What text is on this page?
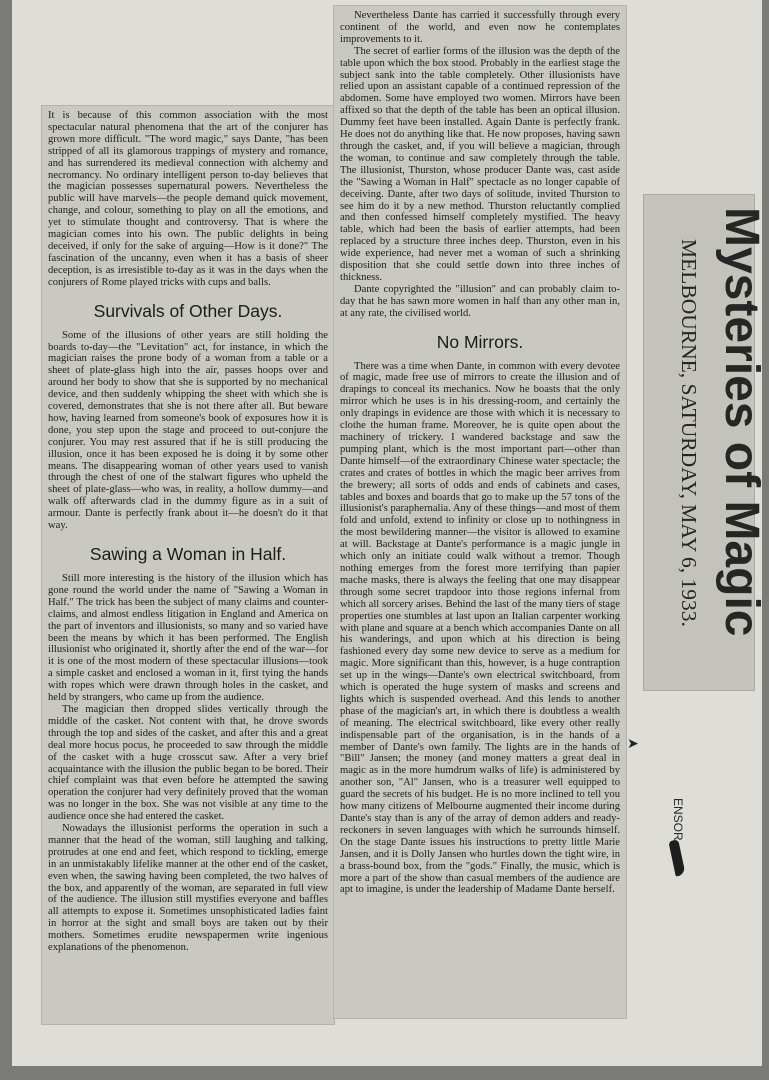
It is because of this common association with the most spectacular natural phenomena that the art of the conjurer has grown more difficult. "The word magic," says Dante, "has been stripped of all its glamorous trappings of mystery and romance, and has surrendered its medieval connection with alchemy and necromancy. No ordinary intelligent person to-day believes that the magician possesses supernatural powers. Nevertheless the public will have marvels—the people demand quick movement, change, and colour, something to play on all the emotions, and yet to stimulate thought and controversy. That is where the magician comes into his own. The public delights in being deceived, if only for the sake of arguing—How is it done?" The fascination of the uncanny, even when it has a basis of sheer deception, is as irresistible to-day as it was in the days when the conjurers of Rome played tricks with cups and balls.

Survivals of Other Days.

Some of the illusions of other years are still holding the boards to-day—the "Levitation" act, for instance, in which the magician raises the prone body of a woman from a table or a sheet of plate-glass high into the air, passes hoops over and around her body to show that she is supported by no mechanical device, and then suddenly whipping the sheet with which she is covered, demonstrates that she is not there after all. But beware how, having learned from someone's book of exposures how it is done, you step upon the stage and proceed to out-conjure the conjurer. You may rest assured that if he is still producing the illusion, once it has been exposed he is doing it by some other means. The disappearing woman of other years used to vanish through the chest of one of the stalwart figures who upheld the sheet of plate-glass—who was, in reality, a hollow dummy—and walk off afterwards clad in the dummy figure as in a suit of armour. Dante is perfectly frank about it—he doesn't do it that way.

Sawing a Woman in Half.

Still more interesting is the history of the illusion which has gone round the world under the name of "Sawing a Woman in Half." The trick has been the subject of many claims and counter-claims, and almost endless litigation in England and America on the part of inventors and illusionists, so many and so varied have been the means by which it has been performed. The English illusionist who originated it, shortly after the end of the war—for it is one of the most modern of these spectacular illusions—took a simple casket and enclosed a woman in it, first tying the hands with ropes which were drawn through holes in the casket, and held by strangers, who came up from the audience.

The magician then dropped slides vertically through the middle of the casket. Not content with that, he drove swords through the top and sides of the casket, and after this and a great deal more hocus pocus, he proceeded to saw through the middle of the casket with a huge crosscut saw. After a very brief acquaintance with the illusion the public began to be bored. Their chief complaint was that even before he attempted the sawing operation the conjurer had very definitely proved that the woman was no longer in the box. She was not visible at any time to the audience once she had entered the casket.

Nowadays the illusionist performs the operation in such a manner that the head of the woman, still laughing and talking, protrudes at one end and feet, which respond to tickling, emerge in an unmistakably lifelike manner at the other end of the casket, even when, the sawing having been completed, the two halves of the box, and apparently of the woman, are separated in full view of the audience. The illusion still mystifies everyone and baffles all attempts to expose it. Sometimes unsophisticated ladies faint in horror at the sight and small boys are taken out by their mothers. Sometimes erudite newspapermen write ingenious explanations of the phenomenon.

Nevertheless Dante has carried it successfully through every continent of the world, and even now he contemplates improvements to it.

The secret of earlier forms of the illusion was the depth of the table upon which the box stood. Probably in the earliest stage the subject sank into the table completely. Other illusionists have relied upon an assistant capable of a continued repression of the abdomen. Some have employed two women. Mirrors have been affixed so that the depth of the table has been an optical illusion. Dummy feet have been installed. Again Dante is perfectly frank. He does not do anything like that. He now proposes, having sawn through the casket, and, if you will believe a magician, through the woman, to continue and saw completely through the table. The illusionist, Thurston, whose producer Dante was, cast aside the "Sawing a Woman in Half" spectacle as no longer capable of deceiving. Dante, after two days of solitude, invited Thurston to see him do it by a new method. Thurston reluctantly complied and then confessed himself completely mystified. The heavy table, which had been the basis of earlier attempts, had been replaced by a structure three inches deep. Thurston, even in his wide experience, had never met a woman of such a shrinking disposition that she could settle down into three inches of thickness.

Dante copyrighted the "illusion" and can probably claim to-day that he has sawn more women in half than any other man in, at any rate, the civilised world.

No Mirrors.

There was a time when Dante, in common with every devotee of magic, made free use of mirrors to create the illusion and of drapings to conceal its mechanics. Now he boasts that the only mirror which he uses is in his dressing-room, and certainly the only drapings in evidence are those with which it is necessary to clothe the human frame. Moreover, he is quite open about the machinery of trickery. I wandered backstage and saw the pumping plant, which is the most important part—other than Dante himself—of the extraordinary Chinese water spectacle; the crates and crates of bottles in which the magic beer arrives from the brewery; all sorts of odds and ends of cabinets and cases, tables and boxes and boards that go to make up the 57 tons of the illusionist's paraphernalia. Any of these things—and most of them fold and unfold, extend to infinity or close up to nothingness in the most bewildering manner—the visitor is allowed to examine at will. Backstage at Dante's performance is a magic jungle in which only an initiate could walk without a tremor. Though nothing emerges from the forest more terrifying than papier mache masks, there is always the feeling that one may disappear through some secret trapdoor into those regions infernal from which all sorcery arises. Behind the last of the many tiers of stage properties one stumbles at last upon an Italian carpenter working with plane and square at a bench which accompanies Dante on all his wanderings, and upon which at his direction is being fashioned every day some new device to serve as a medium for magic. More significant than this, however, is a huge contraption set up in the wings—Dante's own electrical switchboard, from which is operated the huge system of masks and screens and lights which is suspended overhead. And this lends to another phase of the magician's art, in which there is doubtless a wealth of meaning. The electrical switchboard, like every other really indispensable part of the organisation, is in the hands of a member of Dante's own family. The lights are in the hands of "Bill" Jansen; the money (and money matters a great deal in magic as in the more humdrum walks of life) is administered by another son, "Al" Jansen, who is a treasurer well equipped to guard the secrets of his budget. He is no more inclined to tell you how many citizens of Melbourne augmented their income during Dante's stay than is any of the array of demon adders and ready-reckoners in seven languages with which he surrounds himself. On the stage Dante issues his instructions to pretty little Marie Jansen, and it is Dolly Jansen who hurtles down the tight wire, in a brass-bound box, from the "gods." Finally, the music, which is more a part of the show than casual members of the audience are apt to imagine, is under the leadership of Madame Dante herself.

Mysteries of Magic
MELBOURNE, SATURDAY, MAY 6, 1933.
➤
ENSOR
